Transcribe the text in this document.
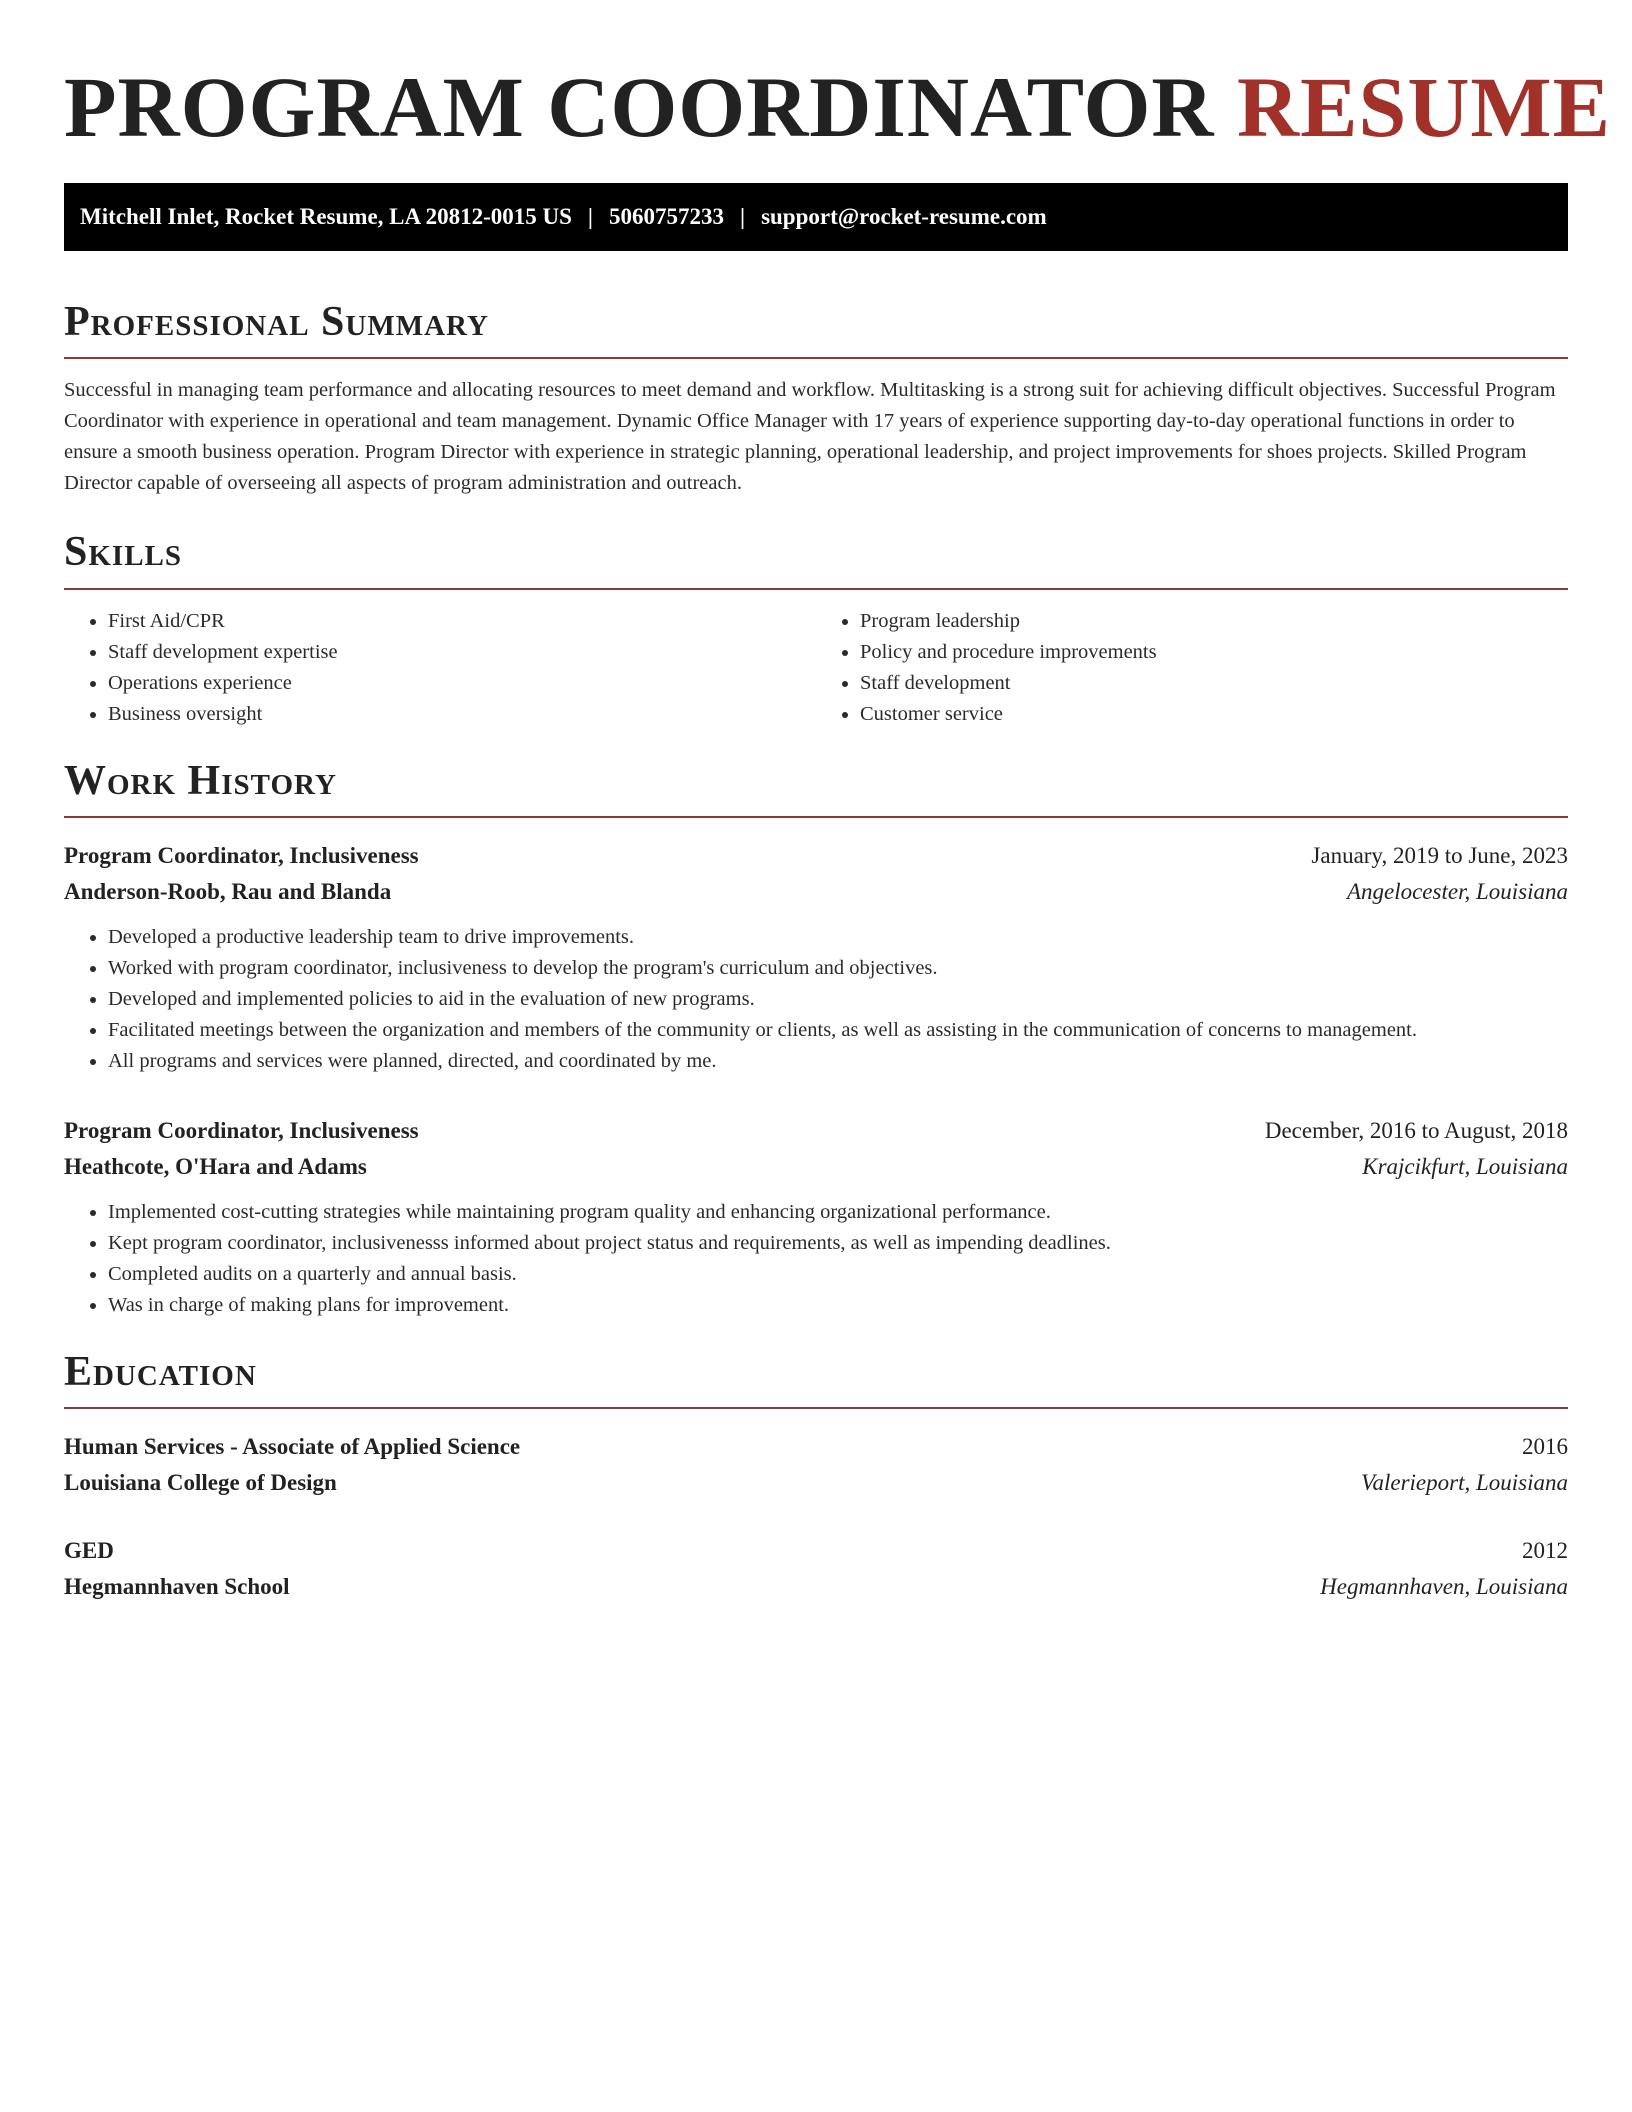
PROGRAM COORDINATOR RESUME
Mitchell Inlet, Rocket Resume, LA 20812-0015 US | 5060757233 | support@rocket-resume.com
Professional Summary

Successful in managing team performance and allocating resources to meet demand and workflow. Multitasking is a strong suit for achieving difficult objectives. Successful Program Coordinator with experience in operational and team management. Dynamic Office Manager with 17 years of experience supporting day-to-day operational functions in order to ensure a smooth business operation. Program Director with experience in strategic planning, operational leadership, and project improvements for shoes projects. Skilled Program Director capable of overseeing all aspects of program administration and outreach.

Skills
• First Aid/CPR
• Staff development expertise
• Operations experience
• Business oversight
• Program leadership
• Policy and procedure improvements
• Staff development
• Customer service
Work History
Program Coordinator, Inclusiveness	January, 2019 to June, 2023
Anderson-Roob, Rau and Blanda	Angelocester, Louisiana
• Developed a productive leadership team to drive improvements.
• Worked with program coordinator, inclusiveness to develop the program's curriculum and objectives.
• Developed and implemented policies to aid in the evaluation of new programs.
• Facilitated meetings between the organization and members of the community or clients, as well as assisting in the communication of concerns to management.
• All programs and services were planned, directed, and coordinated by me.
Program Coordinator, Inclusiveness	December, 2016 to August, 2018
Heathcote, O'Hara and Adams	Krajcikfurt, Louisiana
• Implemented cost-cutting strategies while maintaining program quality and enhancing organizational performance.
• Kept program coordinator, inclusivenesss informed about project status and requirements, as well as impending deadlines.
• Completed audits on a quarterly and annual basis.
• Was in charge of making plans for improvement.
Education
Human Services - Associate of Applied Science	2016
Louisiana College of Design	Valerieport, Louisiana
GED	2012
Hegmannhaven School	Hegmannhaven, Louisiana
